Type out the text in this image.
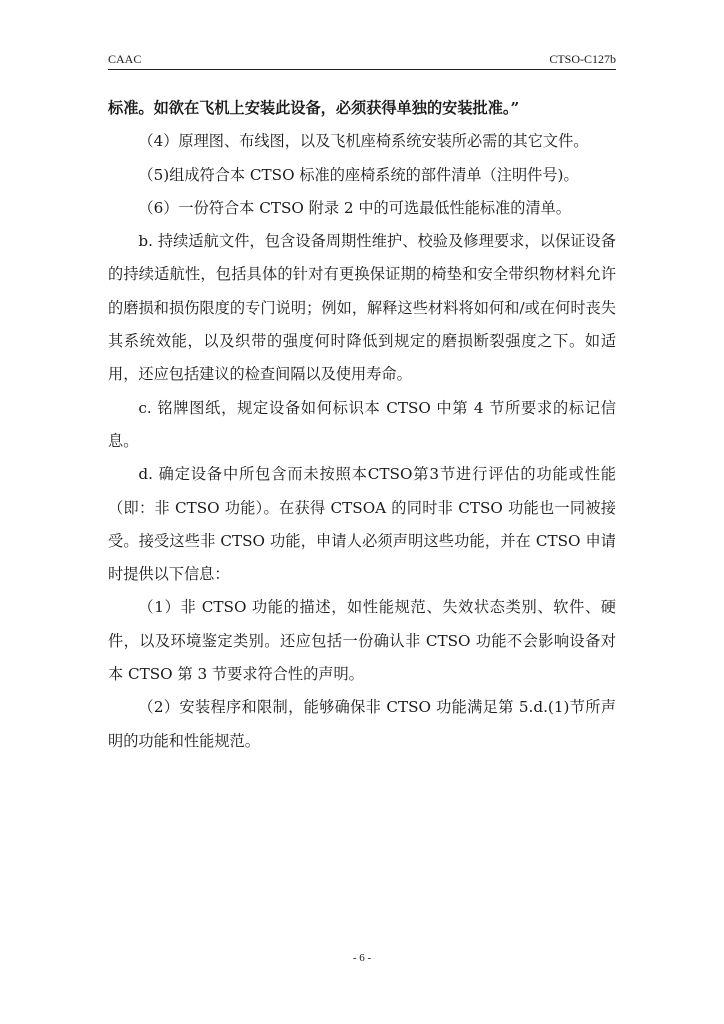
CAAC	CTSO-C127b

标准。如欲在飞机上安装此设备，必须获得单独的安装批准。”

（4）原理图、布线图，以及飞机座椅系统安装所必需的其它文件。

（5)组成符合本 CTSO 标准的座椅系统的部件清单（注明件号)。

（6）一份符合本 CTSO 附录 2 中的可选最低性能标准的清单。

b. 持续适航文件，包含设备周期性维护、校验及修理要求，以保证设备的持续适航性，包括具体的针对有更换保证期的椅垫和安全带织物材料允许的磨损和损伤限度的专门说明；例如，解释这些材料将如何和/或在何时丧失其系统效能，以及织带的强度何时降低到规定的磨损断裂强度之下。如适用，还应包括建议的检查间隔以及使用寿命。

c. 铭牌图纸，规定设备如何标识本 CTSO 中第 4 节所要求的标记信息。

d. 确定设备中所包含而未按照本CTSO第3节进行评估的功能或性能（即：非 CTSO 功能）。在获得 CTSOA 的同时非 CTSO 功能也一同被接受。接受这些非 CTSO 功能，申请人必须声明这些功能，并在 CTSO 申请时提供以下信息：

（1）非 CTSO 功能的描述，如性能规范、失效状态类别、软件、硬件，以及环境鉴定类别。还应包括一份确认非 CTSO 功能不会影响设备对本 CTSO 第 3 节要求符合性的声明。

（2）安装程序和限制，能够确保非 CTSO 功能满足第 5.d.(1)节所声明的功能和性能规范。

- 6 -
